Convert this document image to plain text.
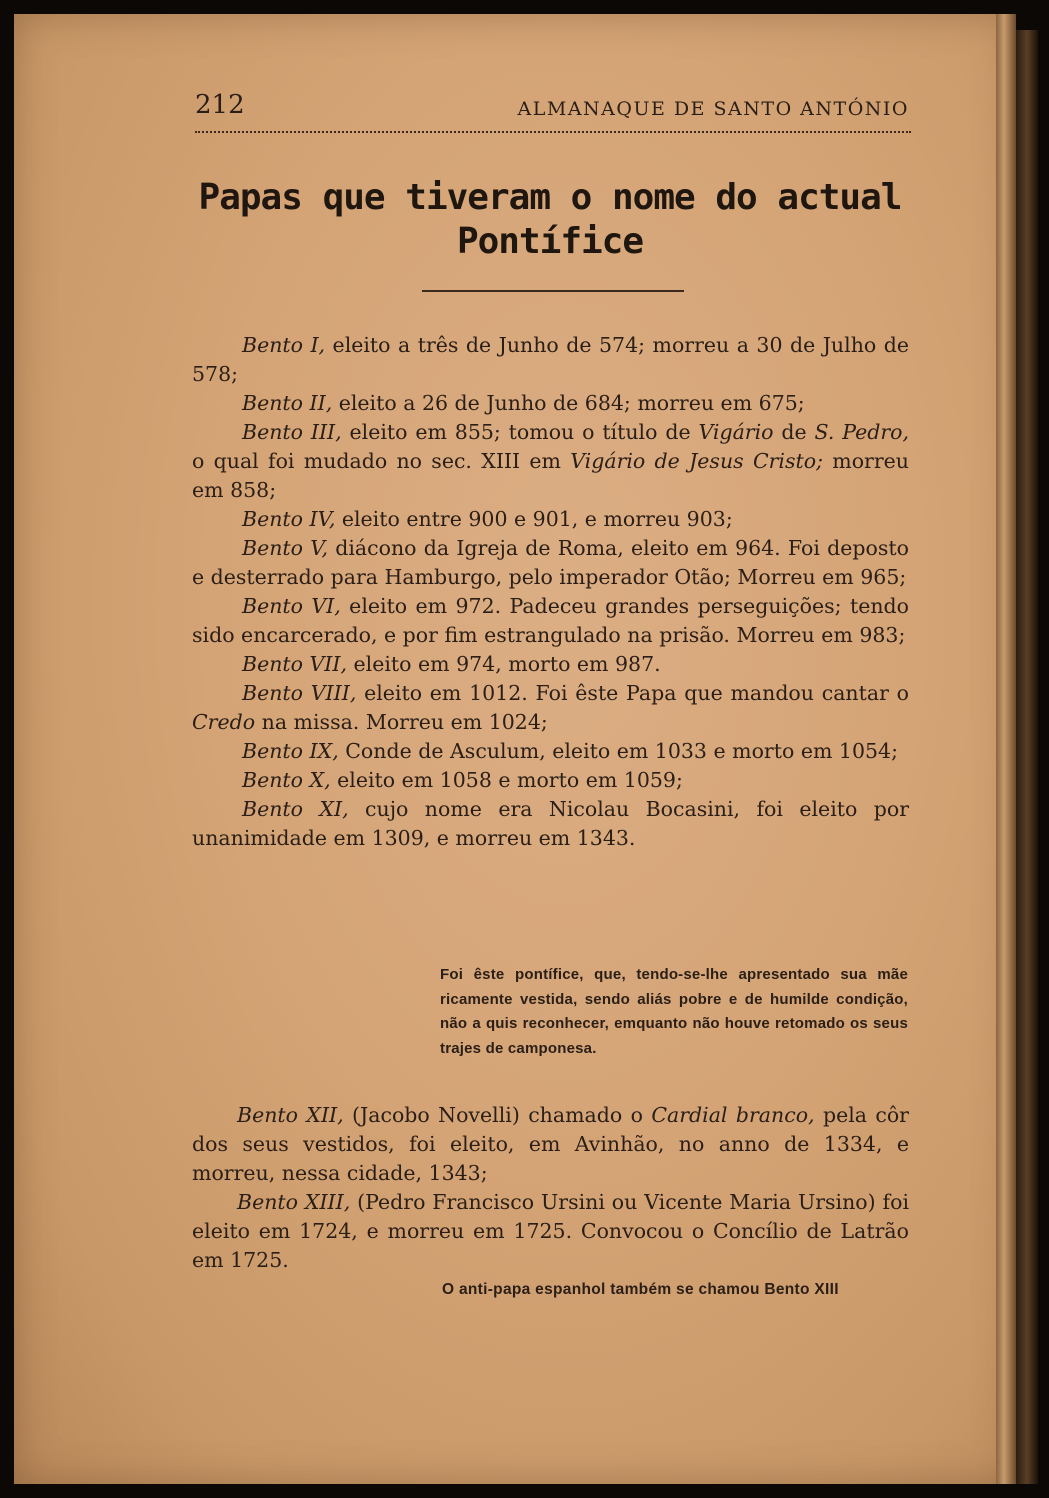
212	ALMANAQUE DE SANTO ANTÓNIO
Papas que tiveram o nome do actual
Pontífice

Bento I, eleito a três de Junho de 574; morreu a 30 de Julho de 578;

Bento II, eleito a 26 de Junho de 684; morreu em 675;

Bento III, eleito em 855; tomou o título de Vigário de S. Pedro, o qual foi mudado no sec. XIII em Vigário de Jesus Cristo; morreu em 858;

Bento IV, eleito entre 900 e 901, e morreu 903;

Bento V, diácono da Igreja de Roma, eleito em 964. Foi deposto e desterrado para Hamburgo, pelo imperador Otão; Morreu em 965;

Bento VI, eleito em 972. Padeceu grandes perseguições; tendo sido encarcerado, e por fim estrangulado na prisão. Morreu em 983;

Bento VII, eleito em 974, morto em 987.

Bento VIII, eleito em 1012. Foi êste Papa que mandou cantar o Credo na missa. Morreu em 1024;

Bento IX, Conde de Asculum, eleito em 1033 e morto em 1054;

Bento X, eleito em 1058 e morto em 1059;

Bento XI, cujo nome era Nicolau Bocasini, foi eleito por unanimidade em 1309, e morreu em 1343.

Foi êste pontífice, que, tendo-se-lhe apresentado sua mãe ricamente vestida, sendo aliás pobre e de humilde condição, não a quis reconhecer, emquanto não houve retomado os seus trajes de camponesa.

Bento XII, (Jacobo Novelli) chamado o Cardial branco, pela côr dos seus vestidos, foi eleito, em Avinhão, no anno de 1334, e morreu, nessa cidade, 1343;

Bento XIII, (Pedro Francisco Ursini ou Vicente Maria Ursino) foi eleito em 1724, e morreu em 1725. Convocou o Concílio de Latrão em 1725.

O anti-papa espanhol também se chamou Bento XIII
